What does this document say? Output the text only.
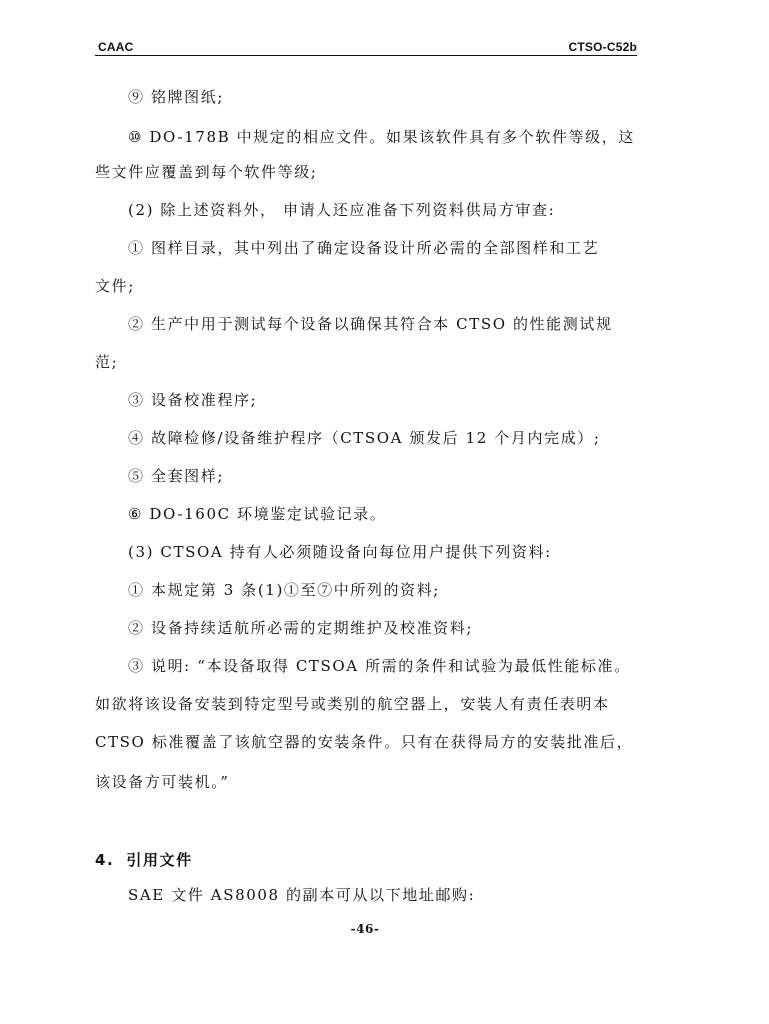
CAAC	CTSO-C52b
⑨ 铭牌图纸;
⑩ DO-178B 中规定的相应文件。如果该软件具有多个软件等级，这
些文件应覆盖到每个软件等级;
(2) 除上述资料外， 申请人还应准备下列资料供局方审查:
① 图样目录，其中列出了确定设备设计所必需的全部图样和工艺
文件;
② 生产中用于测试每个设备以确保其符合本 CTSO 的性能测试规
范;
③ 设备校准程序;
④ 故障检修/设备维护程序（CTSOA 颁发后 12 个月内完成）;
⑤ 全套图样;
⑥ DO-160C 环境鉴定试验记录。
(3) CTSOA 持有人必须随设备向每位用户提供下列资料:
① 本规定第 3 条(1)①至⑦中所列的资料;
② 设备持续适航所必需的定期维护及校准资料;
③ 说明: “本设备取得 CTSOA 所需的条件和试验为最低性能标准。
如欲将该设备安装到特定型号或类别的航空器上，安装人有责任表明本
CTSO 标准覆盖了该航空器的安装条件。只有在获得局方的安装批准后，
该设备方可装机。”
4. 引用文件
SAE 文件 AS8008 的副本可从以下地址邮购:
-46-
